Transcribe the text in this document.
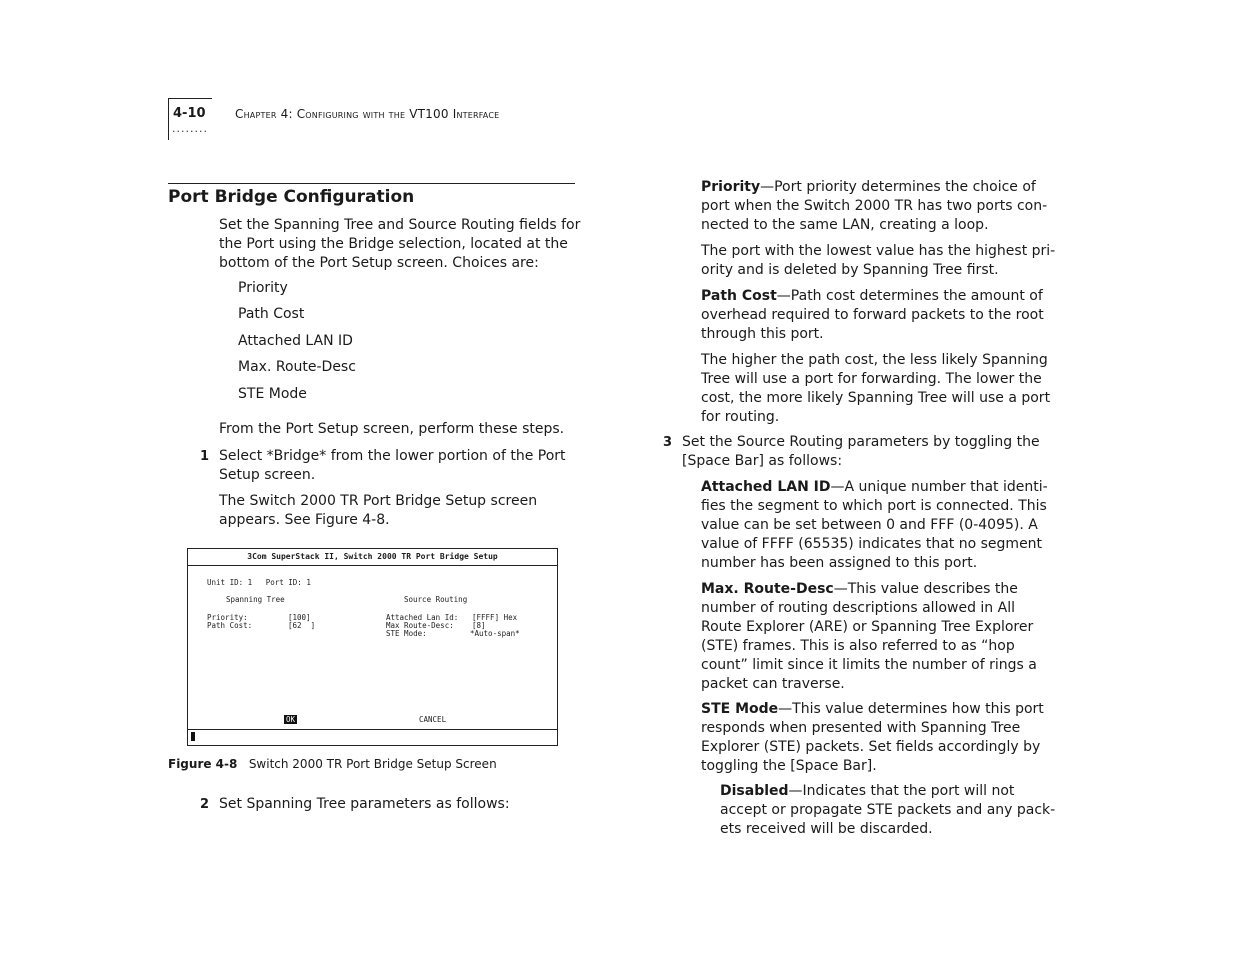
4-10
........
Chapter 4: Configuring with the VT100 Interface
Port Bridge Configuration
Set the Spanning Tree and Source Routing fields for
the Port using the Bridge selection, located at the
bottom of the Port Setup screen. Choices are:
Priority
Path Cost
Attached LAN ID
Max. Route-Desc
STE Mode
From the Port Setup screen, perform these steps.
1 Select *Bridge* from the lower portion of the Port
Setup screen.
The Switch 2000 TR Port Bridge Setup screen
appears. See Figure 4-8.
3Com SuperStack II, Switch 2000 TR Port Bridge Setup
Unit ID: 1   Port ID: 1
Spanning Tree	Source Routing
Priority:	[100]
Path Cost:	[62  ]
Attached Lan Id: [FFFF] Hex
Max Route-Desc: [8]
STE Mode:	*Auto-span*
OK	CANCEL
Figure 4-8 Switch 2000 TR Port Bridge Setup Screen
2 Set Spanning Tree parameters as follows:
Priority—Port priority determines the choice of
port when the Switch 2000 TR has two ports con-
nected to the same LAN, creating a loop.
The port with the lowest value has the highest pri-
ority and is deleted by Spanning Tree first.
Path Cost—Path cost determines the amount of
overhead required to forward packets to the root
through this port.
The higher the path cost, the less likely Spanning
Tree will use a port for forwarding. The lower the
cost, the more likely Spanning Tree will use a port
for routing.
3 Set the Source Routing parameters by toggling the
[Space Bar] as follows:
Attached LAN ID—A unique number that identi-
fies the segment to which port is connected. This
value can be set between 0 and FFF (0-4095). A
value of FFFF (65535) indicates that no segment
number has been assigned to this port.
Max. Route-Desc—This value describes the
number of routing descriptions allowed in All
Route Explorer (ARE) or Spanning Tree Explorer
(STE) frames. This is also referred to as “hop
count” limit since it limits the number of rings a
packet can traverse.
STE Mode—This value determines how this port
responds when presented with Spanning Tree
Explorer (STE) packets. Set fields accordingly by
toggling the [Space Bar].
Disabled—Indicates that the port will not
accept or propagate STE packets and any pack-
ets received will be discarded.
